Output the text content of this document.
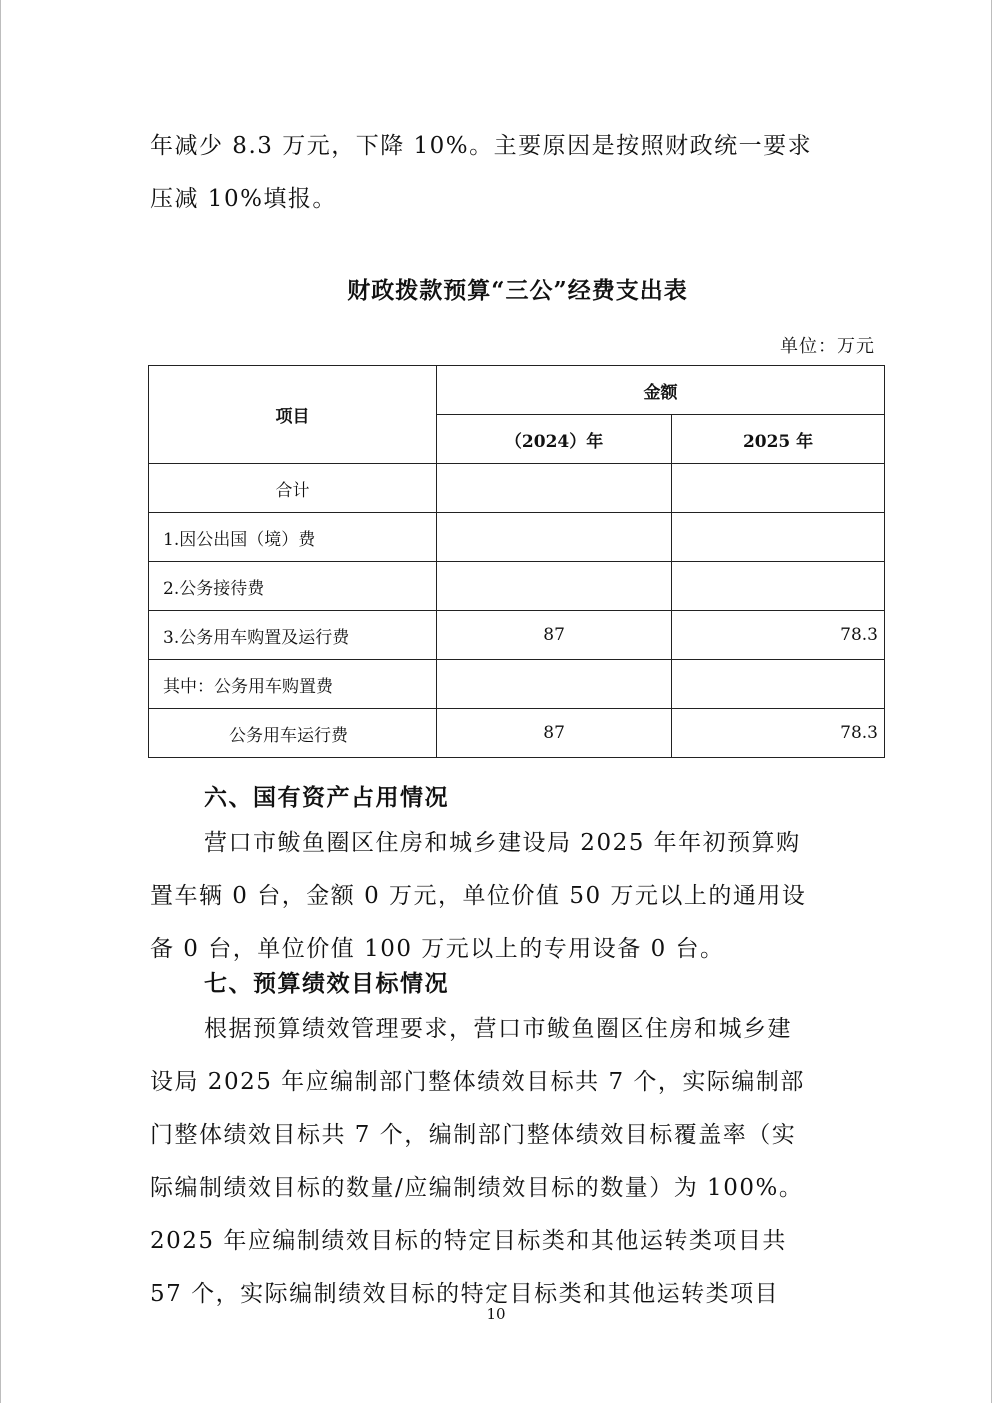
年减少 8.3 万元，下降 10%。主要原因是按照财政统一要求

压减 10%填报。

财政拨款预算“三公”经费支出表
单位：万元
项目	金额	
	（2024）年	2025 年
合计		
1.因公出国（境）费		
2.公务接待费		
3.公务用车购置及运行费	87	78.3
其中：公务用车购置费		
公务用车运行费	87	78.3
六、国有资产占用情况

营口市鲅鱼圈区住房和城乡建设局 2025 年年初预算购

置车辆 0 台，金额 0 万元，单位价值 50 万元以上的通用设

备 0 台，单位价值 100 万元以上的专用设备 0 台。

七、预算绩效目标情况

根据预算绩效管理要求，营口市鲅鱼圈区住房和城乡建

设局 2025 年应编制部门整体绩效目标共 7 个，实际编制部

门整体绩效目标共 7 个，编制部门整体绩效目标覆盖率（实

际编制绩效目标的数量/应编制绩效目标的数量）为 100%。

2025 年应编制绩效目标的特定目标类和其他运转类项目共

57 个，实际编制绩效目标的特定目标类和其他运转类项目

10
